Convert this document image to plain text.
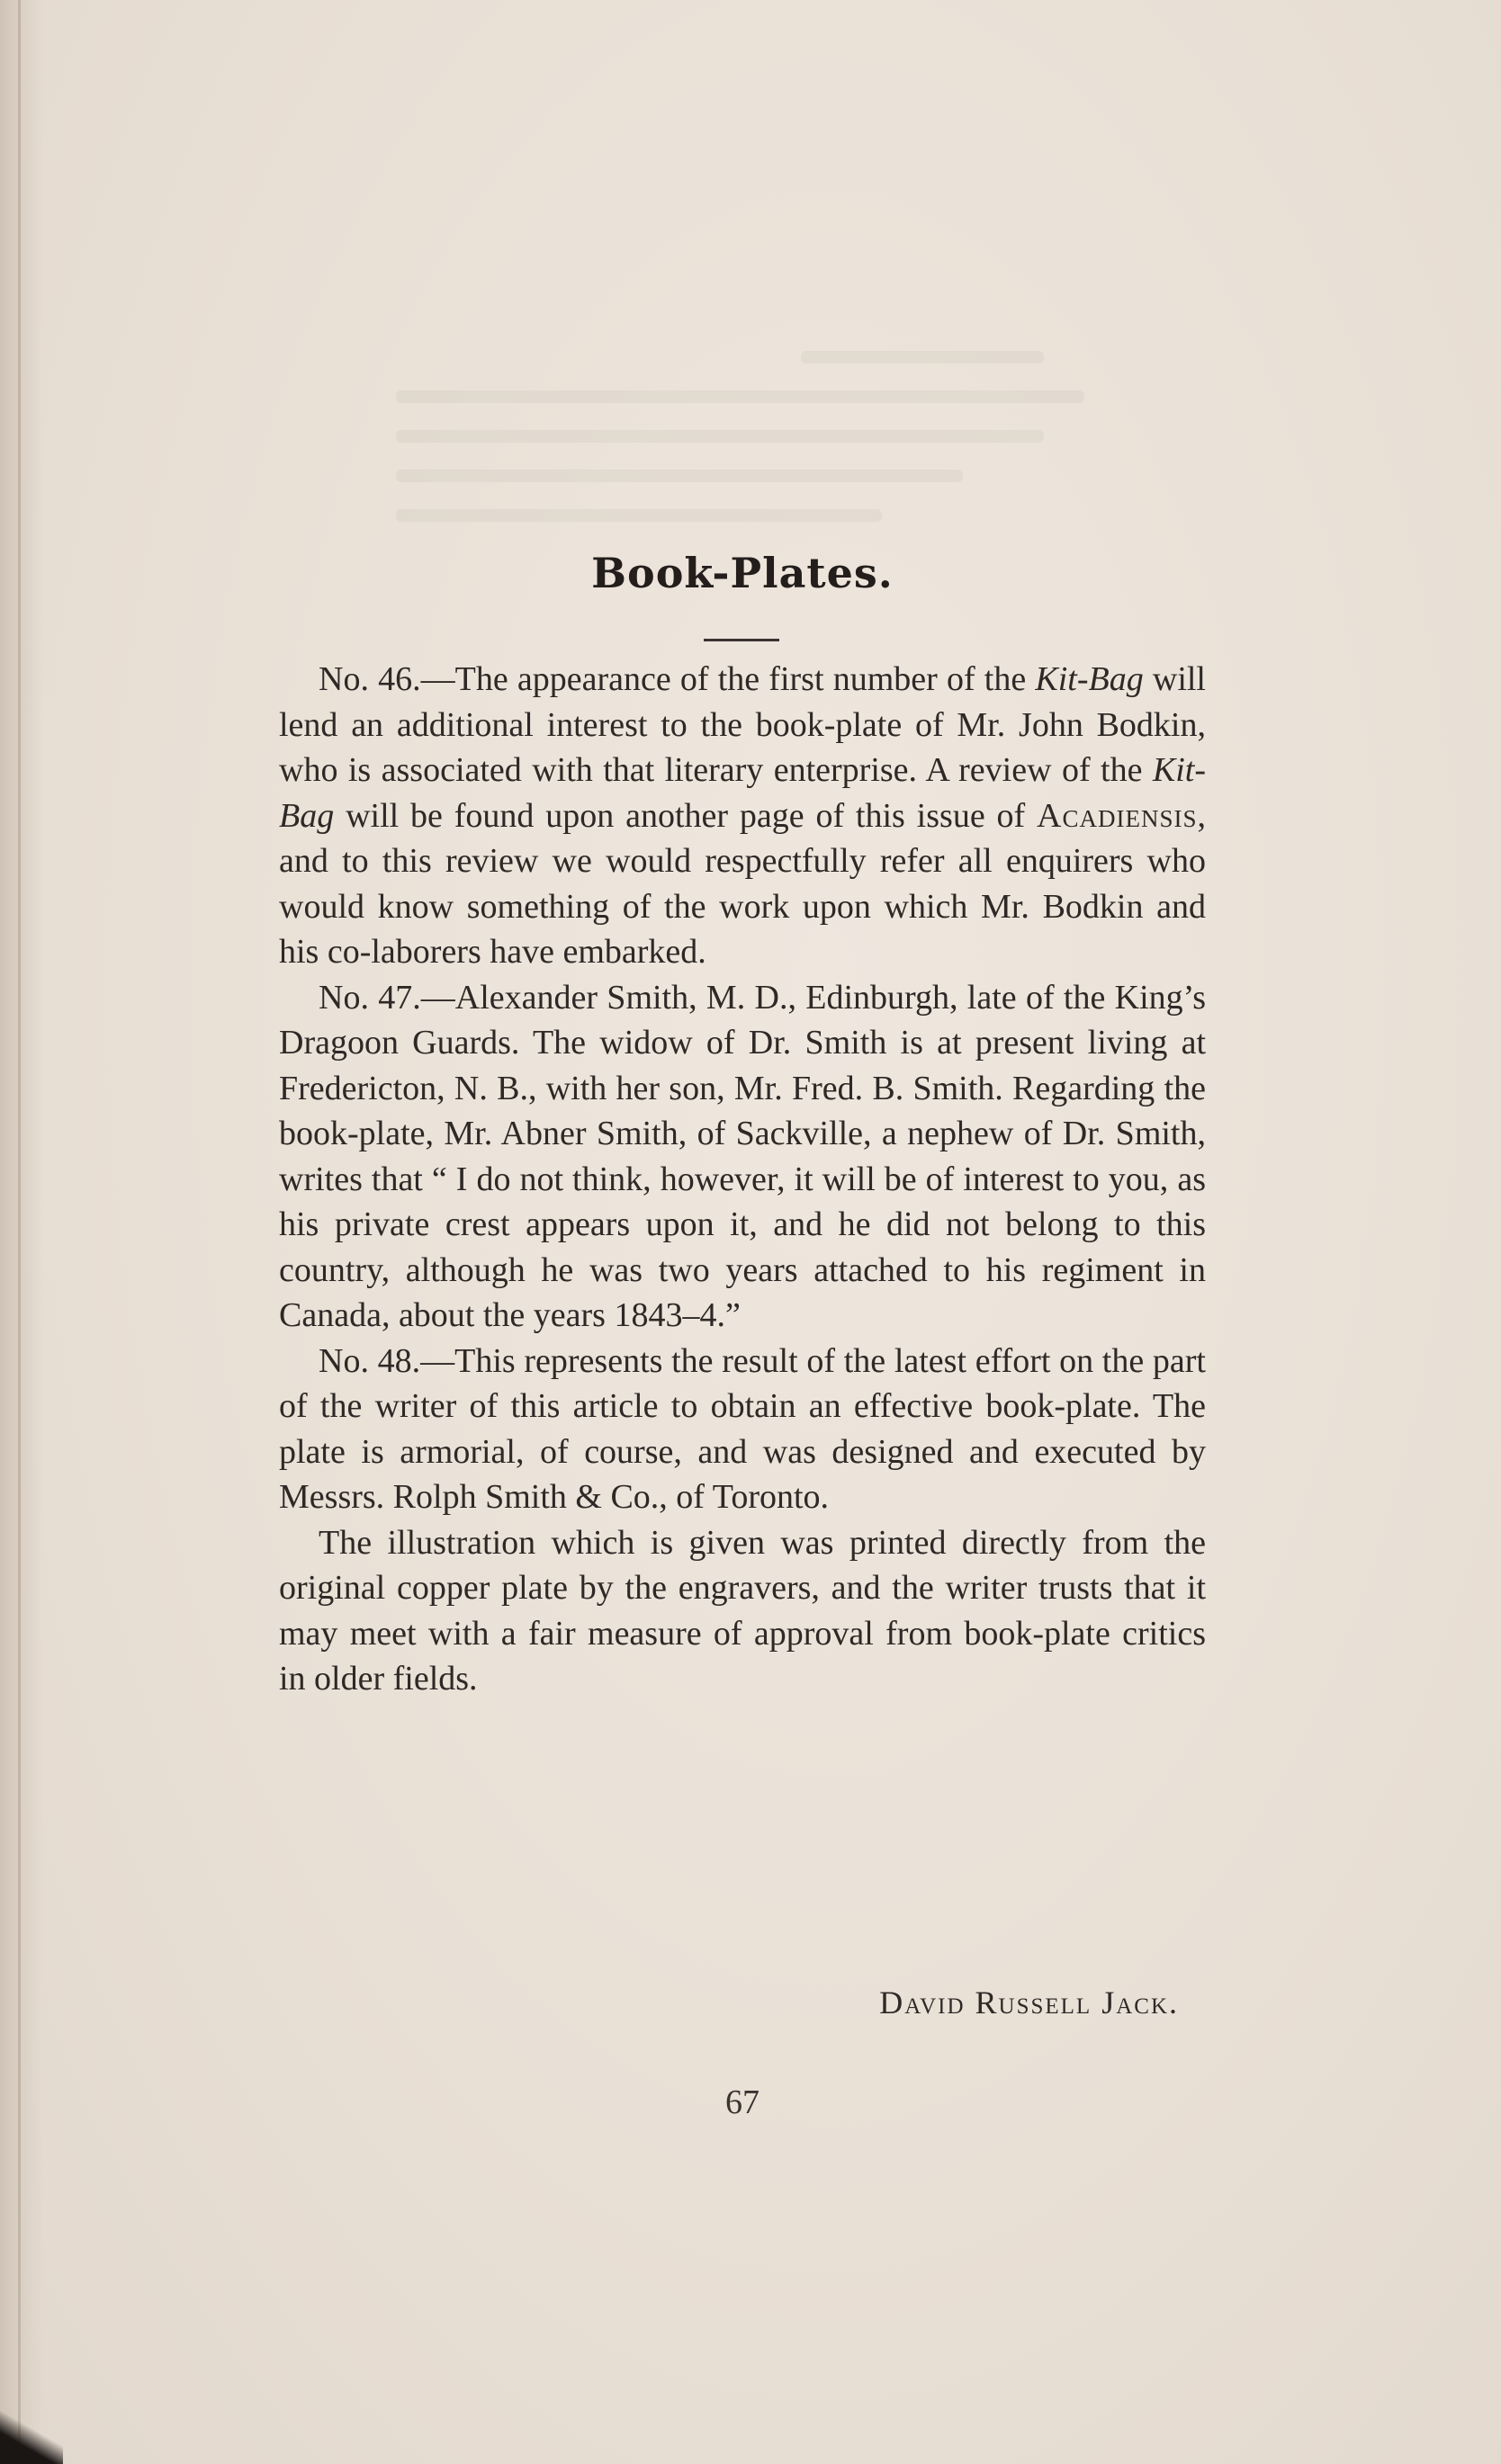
Book-Plates.

No. 46.—The appearance of the first number of the Kit-Bag will lend an additional interest to the book-plate of Mr. John Bodkin, who is associated with that literary enterprise. A review of the Kit-Bag will be found upon another page of this issue of Acadiensis, and to this review we would respectfully refer all enquirers who would know something of the work upon which Mr. Bodkin and his co-laborers have embarked.

No. 47.—Alexander Smith, M. D., Edinburgh, late of the King’s Dragoon Guards. The widow of Dr. Smith is at present living at Fredericton, N. B., with her son, Mr. Fred. B. Smith. Regarding the book-plate, Mr. Abner Smith, of Sackville, a nephew of Dr. Smith, writes that “ I do not think, however, it will be of interest to you, as his private crest appears upon it, and he did not belong to this country, although he was two years attached to his regiment in Canada, about the years 1843–4.”

No. 48.—This represents the result of the latest effort on the part of the writer of this article to obtain an effective book-plate. The plate is armorial, of course, and was designed and executed by Messrs. Rolph Smith & Co., of Toronto.

The illustration which is given was printed directly from the original copper plate by the engravers, and the writer trusts that it may meet with a fair measure of approval from book-plate critics in older fields.

David Russell Jack.
67
